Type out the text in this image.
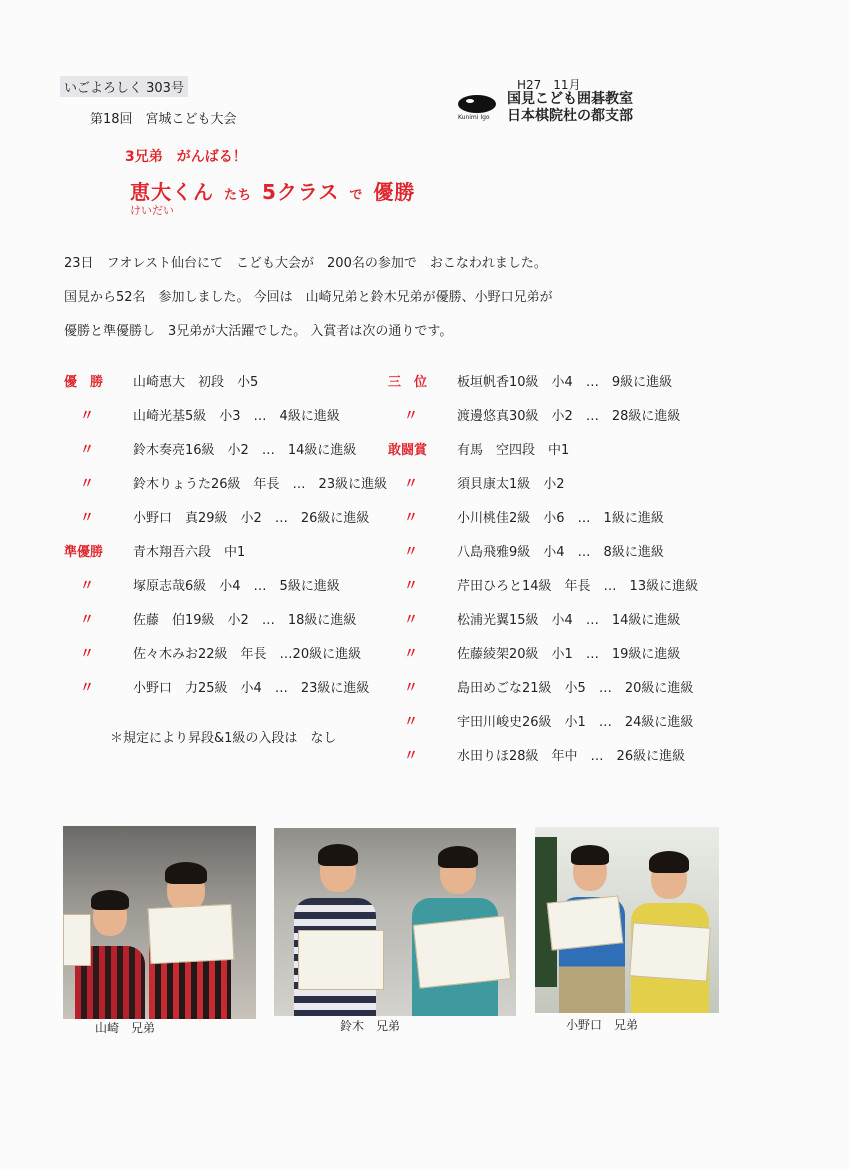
いごよろしく 303号	H27　11月
Kunimi Igo
国見こども囲碁教室
日本棋院杜の都支部
第18回　宮城こども大会
3兄弟　がんばる！
恵大くん たち 5クラス で 優勝
けいだい
23日　フオレスト仙台にて　こども大会が　200名の参加で　おこなわれました。
国見から52名　参加しました。 今回は　山崎兄弟と鈴木兄弟が優勝、小野口兄弟が
優勝と準優勝し　3兄弟が大活躍でした。 入賞者は次の通りです。
優　勝 山崎恵大　初段　小5
〃	山崎光基5級　小3　…　4級に進級
〃	鈴木奏亮16級　小2　…　14級に進級
〃	鈴木りょうた26級　年長　…　23級に進級
〃	小野口　真29級　小2　…　26級に進級
準優勝 青木翔吾六段　中1
〃	塚原志哉6級　小4　…　5級に進級
〃	佐藤　伯19級　小2　…　18級に進級
〃	佐々木みお22級　年長　…20級に進級
〃	小野口　力25級　小4　…　23級に進級
三　位 板垣帆香10級　小4　…　9級に進級
〃	渡邊悠真30級　小2　…　28級に進級
敢闘賞 有馬　空四段　中1
〃	須貝康太1級　小2
〃	小川桃佳2級　小6　…　1級に進級
〃	八島飛雅9級　小4　…　8級に進級
〃	芹田ひろと14級　年長　…　13級に進級
〃	松浦光翼15級　小4　…　14級に進級
〃	佐藤綾架20級　小1　…　19級に進級
〃	島田めごな21級　小5　…　20級に進級
〃	宇田川峻史26級　小1　…　24級に進級
〃	水田りほ28級　年中　…　26級に進級
＊規定により昇段&1級の入段は　なし
山崎　兄弟	鈴木　兄弟	小野口　兄弟
